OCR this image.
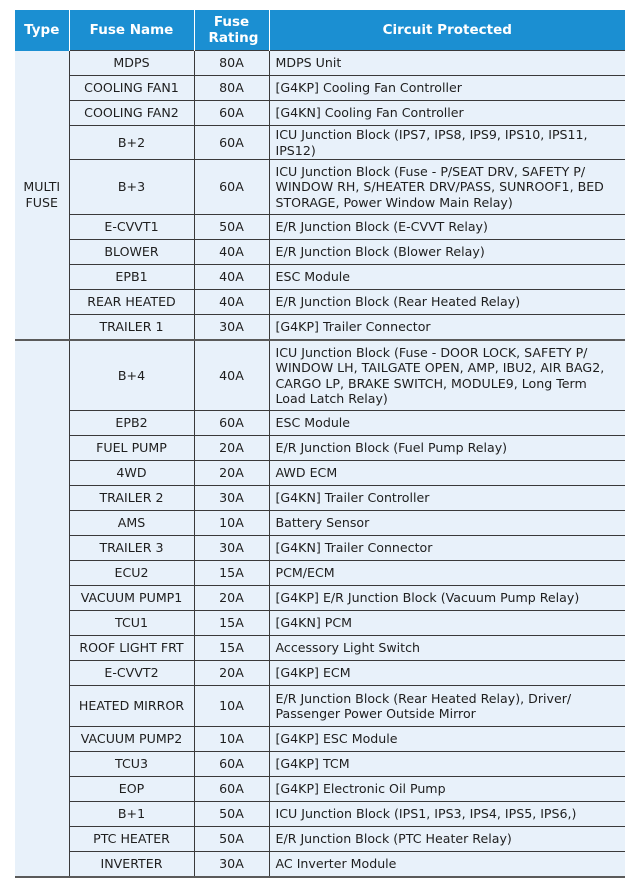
Type	Fuse Name	Fuse Rating	Circuit Protected
MULTI FUSE	MDPS	80A	MDPS Unit
	COOLING FAN1	80A	[G4KP] Cooling Fan Controller
	COOLING FAN2	60A	[G4KN] Cooling Fan Controller
	B+2	60A	ICU Junction Block (IPS7, IPS8, IPS9, IPS10, IPS11, IPS12)
	B+3	60A	ICU Junction Block (Fuse - P/SEAT DRV, SAFETY P/ WINDOW RH, S/HEATER DRV/PASS, SUNROOF1, BED STORAGE, Power Window Main Relay)
	E-CVVT1	50A	E/R Junction Block (E-CVVT Relay)
	BLOWER	40A	E/R Junction Block (Blower Relay)
	EPB1	40A	ESC Module
	REAR HEATED	40A	E/R Junction Block (Rear Heated Relay)
	TRAILER 1	30A	[G4KP] Trailer Connector
	B+4	40A	ICU Junction Block (Fuse - DOOR LOCK, SAFETY P/ WINDOW LH, TAILGATE OPEN, AMP, IBU2, AIR BAG2, CARGO LP, BRAKE SWITCH, MODULE9, Long Term Load Latch Relay)
	EPB2	60A	ESC Module
	FUEL PUMP	20A	E/R Junction Block (Fuel Pump Relay)
	4WD	20A	AWD ECM
	TRAILER 2	30A	[G4KN] Trailer Controller
	AMS	10A	Battery Sensor
	TRAILER 3	30A	[G4KN] Trailer Connector
	ECU2	15A	PCM/ECM
	VACUUM PUMP1	20A	[G4KP] E/R Junction Block (Vacuum Pump Relay)
	TCU1	15A	[G4KN] PCM
	ROOF LIGHT FRT	15A	Accessory Light Switch
	E-CVVT2	20A	[G4KP] ECM
	HEATED MIRROR	10A	E/R Junction Block (Rear Heated Relay), Driver/ Passenger Power Outside Mirror
	VACUUM PUMP2	10A	[G4KP] ESC Module
	TCU3	60A	[G4KP] TCM
	EOP	60A	[G4KP] Electronic Oil Pump
	B+1	50A	ICU Junction Block (IPS1, IPS3, IPS4, IPS5, IPS6,)
	PTC HEATER	50A	E/R Junction Block (PTC Heater Relay)
	INVERTER	30A	AC Inverter Module
